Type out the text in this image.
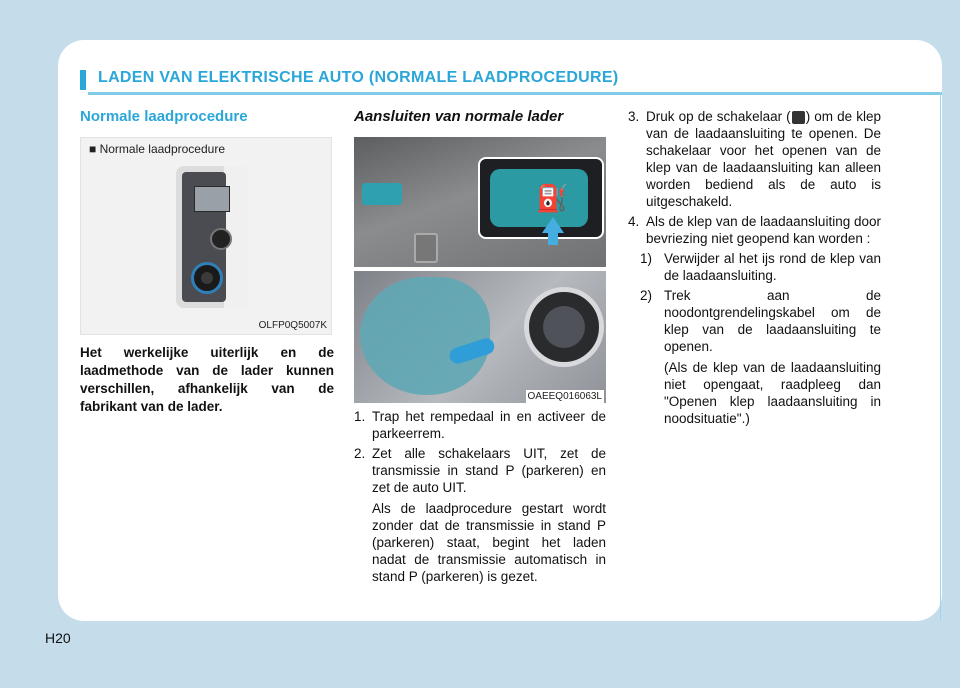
LADEN VAN ELEKTRISCHE AUTO (NORMALE LAADPROCEDURE)
Normale laadprocedure
■ Normale laadprocedure
OLFP0Q5007K
Het werkelijke uiterlijk en de laadmethode van de lader kunnen verschillen, afhankelijk van de fabrikant van de lader.
Aansluiten van normale lader
⛽
OAEEQ016063L
1. Trap het rempedaal in en activeer de parkeerrem.
2. Zet alle schakelaars UIT, zet de transmissie in stand P (parkeren) en zet de auto UIT.
Als de laadprocedure gestart wordt zonder dat de transmissie in stand P (parkeren) staat, begint het laden nadat de transmissie automatisch in stand P (parkeren) is gezet.
3. Druk op de schakelaar ( ) om de klep van de laadaansluiting te openen. De schakelaar voor het openen van de klep van de laadaansluiting kan alleen worden bediend als de auto is uitgeschakeld.
4. Als de klep van de laadaansluiting door bevriezing niet geopend kan worden :
1) Verwijder al het ijs rond de klep van de laadaansluiting.
2) Trek aan de noodontgrendelingskabel om de klep van de laadaansluiting te openen.
(Als de klep van de laadaansluiting niet opengaat, raadpleeg dan "Openen klep laadaansluiting in noodsituatie".)
H20
